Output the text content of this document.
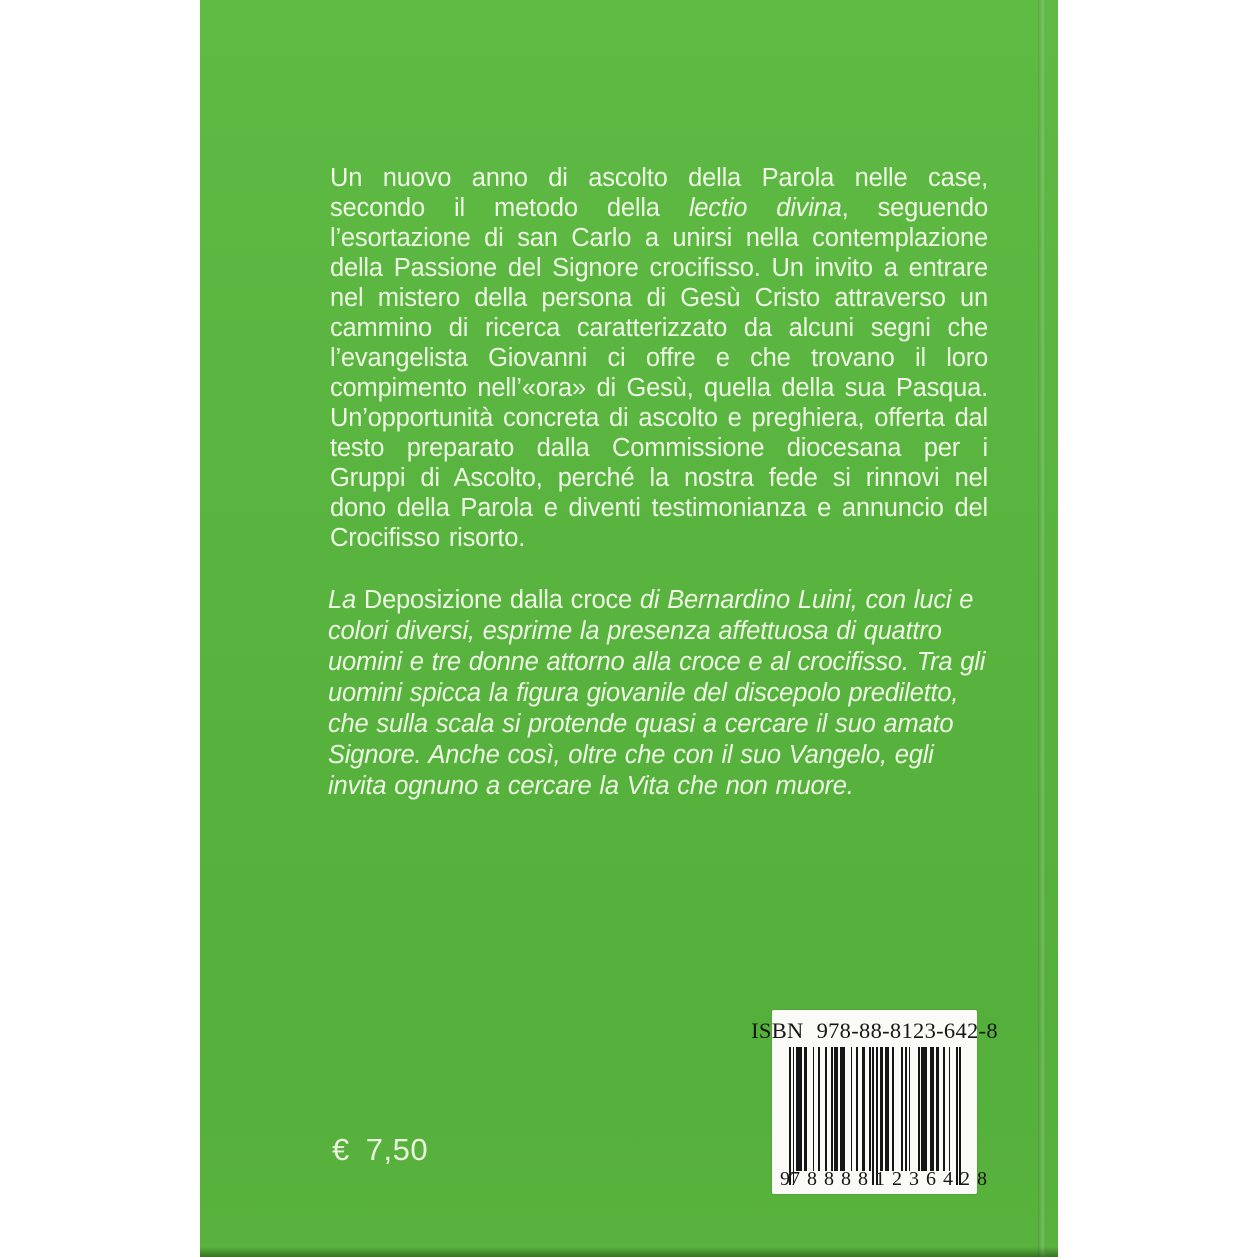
Un nuovo anno di ascolto della Parola nelle case, secondo il metodo della lectio divina, seguendo l’esortazione di san Carlo a unirsi nella contemplazione della Passione del Signore crocifisso. Un invito a entrare nel mistero della persona di Gesù Cristo attraverso un cammino di ricerca caratterizzato da alcuni segni che l’evangelista Giovanni ci offre e che trovano il loro compimento nell’«ora» di Gesù, quella della sua Pasqua. Un’opportunità concreta di ascolto e preghiera, offerta dal testo preparato dalla Commissione diocesana per i Gruppi di Ascolto, perché la nostra fede si rinnovi nel dono della Parola e diventi testimonianza e annuncio del Crocifisso risorto.
La Deposizione dalla croce di Bernardino Luini, con luci e colori diversi, esprime la presenza affettuosa di quattro uomini e tre donne attorno alla croce e al crocifisso. Tra gli uomini spicca la figura giovanile del discepolo prediletto, che sulla scala si protende quasi a cercare il suo amato Signore. Anche così, oltre che con il suo Vangelo, egli invita ognuno a cercare la Vita che non muore.
€ 7,50
ISBN 978-88-8123-642-8
9 788881 236428
